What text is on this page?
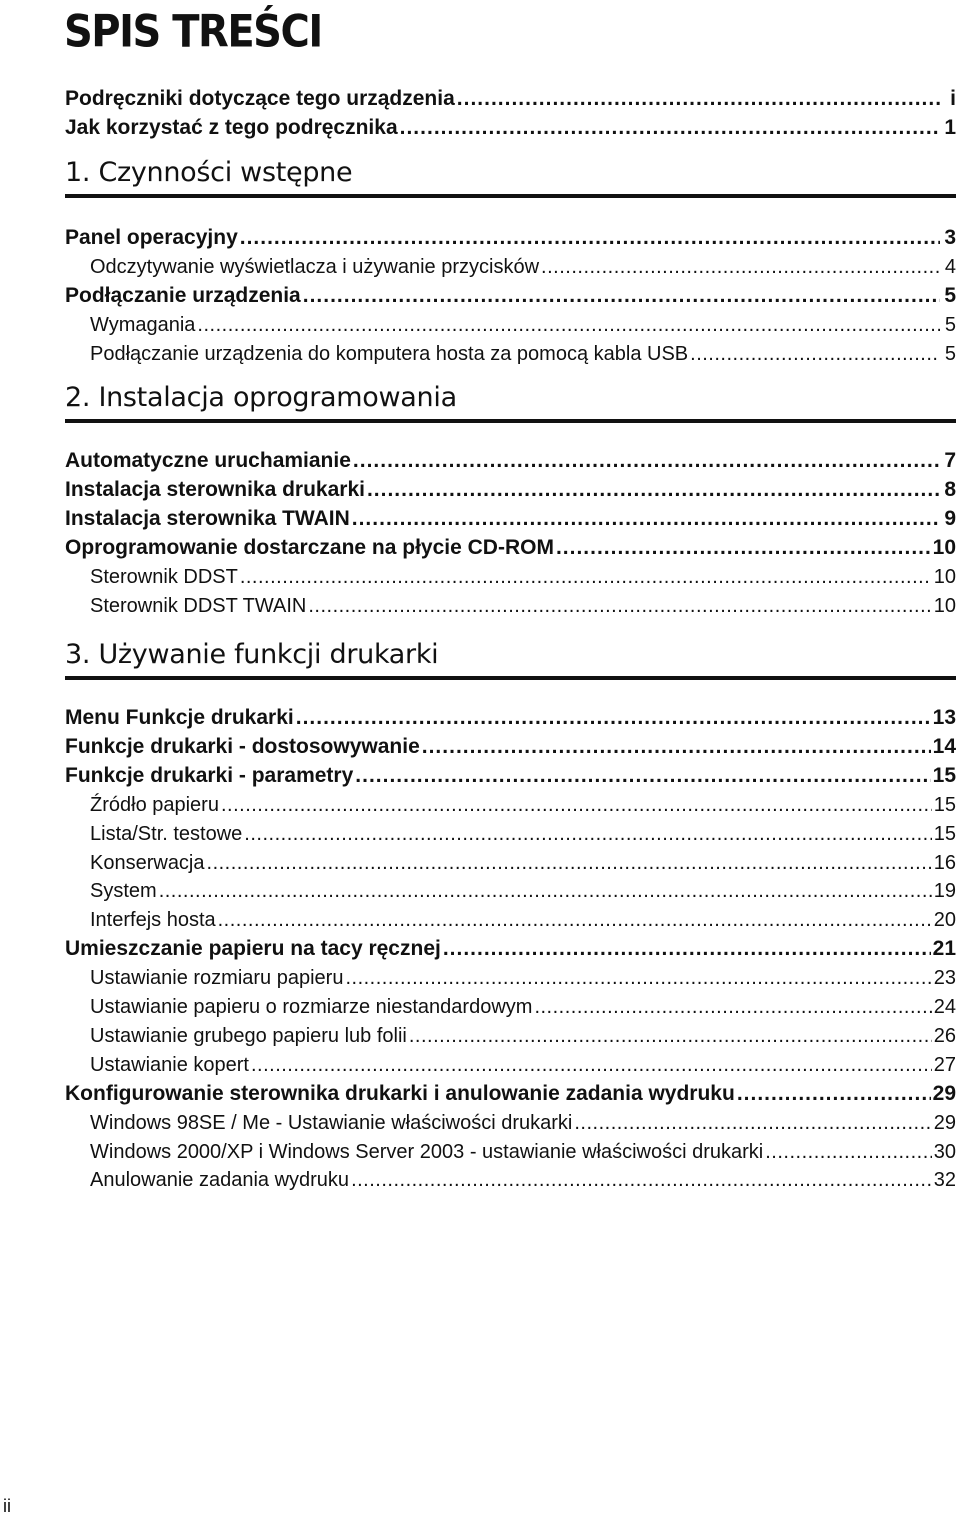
SPIS TREŚCI
Podręczniki dotyczące tego urządzenia .....	i
Jak korzystać z tego podręcznika .....	1
1. Czynności wstępne
Panel operacyjny .....	3
Odczytywanie wyświetlacza i używanie przycisków .....	4
Podłączanie urządzenia .....	5
Wymagania .....	5
Podłączanie urządzenia do komputera hosta za pomocą kabla USB .....	5
2. Instalacja oprogramowania
Automatyczne uruchamianie .....	7
Instalacja sterownika drukarki .....	8
Instalacja sterownika TWAIN .....	9
Oprogramowanie dostarczane na płycie CD-ROM .....	10
Sterownik DDST .....	10
Sterownik DDST TWAIN .....	10
3. Używanie funkcji drukarki
Menu Funkcje drukarki .....	13
Funkcje drukarki - dostosowywanie .....	14
Funkcje drukarki - parametry .....	15
Źródło papieru .....	15
Lista/Str. testowe .....	15
Konserwacja .....	16
System .....	19
Interfejs hosta .....	20
Umieszczanie papieru na tacy ręcznej .....	21
Ustawianie rozmiaru papieru .....	23
Ustawianie papieru o rozmiarze niestandardowym .....	24
Ustawianie grubego papieru lub folii .....	26
Ustawianie kopert .....	27
Konfigurowanie sterownika drukarki i anulowanie zadania wydruku .....	29
Windows 98SE / Me - Ustawianie właściwości drukarki .....	29
Windows 2000/XP i Windows Server 2003 - ustawianie właściwości drukarki .....	30
Anulowanie zadania wydruku .....	32
ii
